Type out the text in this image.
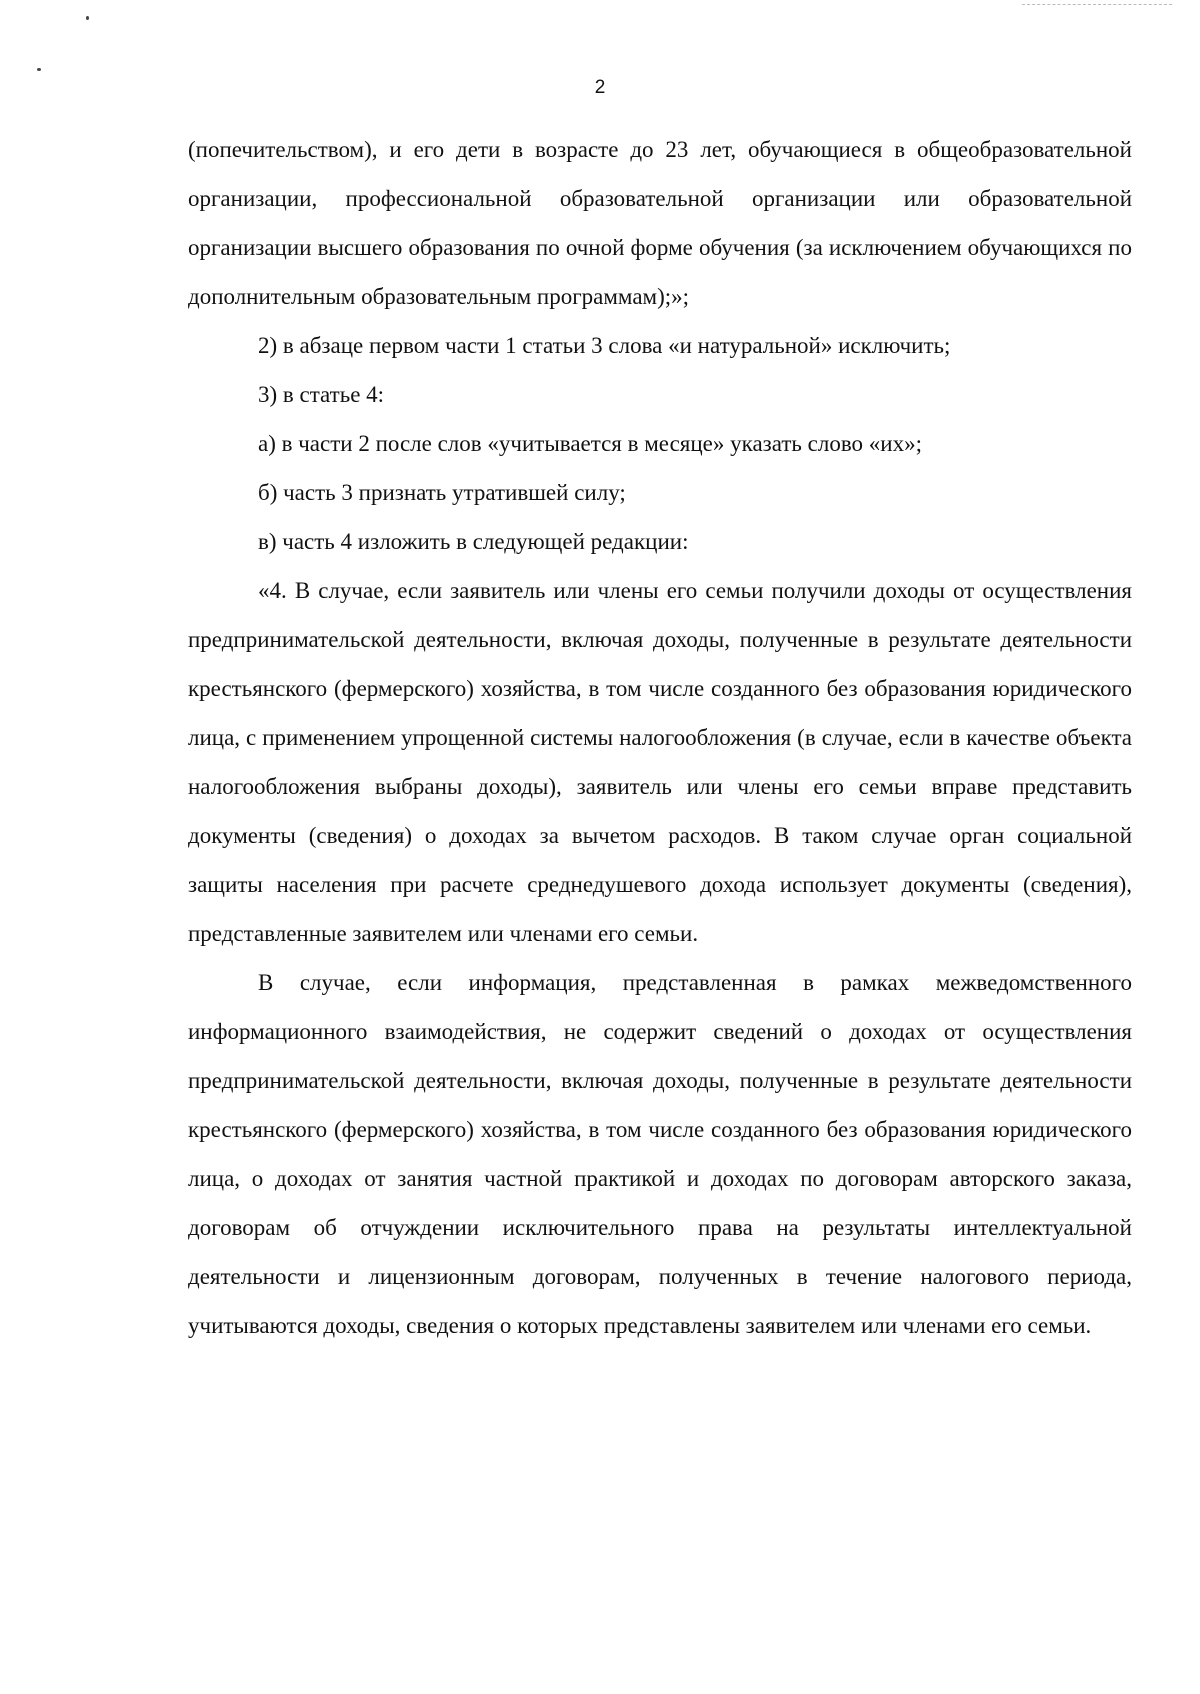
2

(попечительством), и его дети в возрасте до 23 лет, обучающиеся в общеобразовательной организации, профессиональной образовательной организации или образовательной организации высшего образования по очной форме обучения (за исключением обучающихся по дополнительным образовательным программам);»;

2) в абзаце первом части 1 статьи 3 слова «и натуральной» исключить;

3) в статье 4:

а) в части 2 после слов «учитывается в месяце» указать слово «их»;

б) часть 3 признать утратившей силу;

в) часть 4 изложить в следующей редакции:

«4. В случае, если заявитель или члены его семьи получили доходы от осуществления предпринимательской деятельности, включая доходы, полученные в результате деятельности крестьянского (фермерского) хозяйства, в том числе созданного без образования юридического лица, с применением упрощенной системы налогообложения (в случае, если в качестве объекта налогообложения выбраны доходы), заявитель или члены его семьи вправе представить документы (сведения) о доходах за вычетом расходов. В таком случае орган социальной защиты населения при расчете среднедушевого дохода использует документы (сведения), представленные заявителем или членами его семьи.

В случае, если информация, представленная в рамках межведомственного информационного взаимодействия, не содержит сведений о доходах от осуществления предпринимательской деятельности, включая доходы, полученные в результате деятельности крестьянского (фермерского) хозяйства, в том числе созданного без образования юридического лица, о доходах от занятия частной практикой и доходах по договорам авторского заказа, договорам об отчуждении исключительного права на результаты интеллектуальной деятельности и лицензионным договорам, полученных в течение налогового периода, учитываются доходы, сведения о которых представлены заявителем или членами его семьи.
